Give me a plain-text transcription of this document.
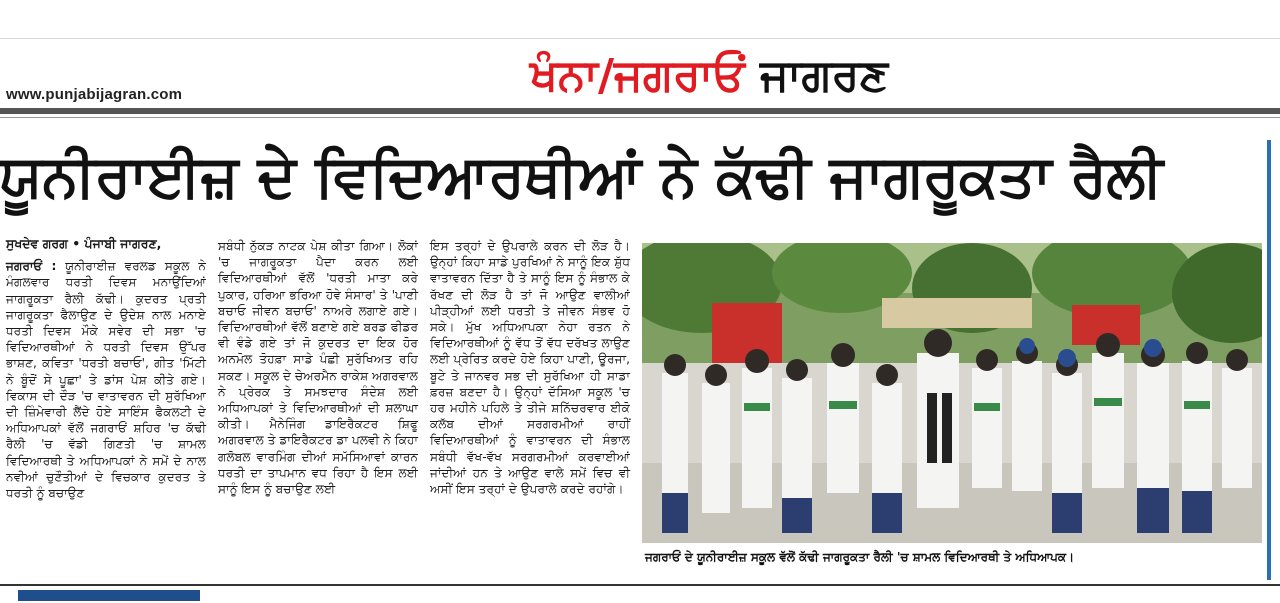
www.punjabijagran.com	ਖੰਨਾ/ਜਗਰਾਓਂ ਜਾਗਰਣ
ਯੂਨੀਰਾਈਜ਼ ਦੇ ਵਿਦਿਆਰਥੀਆਂ ਨੇ ਕੱਢੀ ਜਾਗਰੂਕਤਾ ਰੈਲੀ
ਸੁਖਦੇਵ ਗਰਗ • ਪੰਜਾਬੀ ਜਾਗਰਣ,
ਜਗਰਾਓਂ : ਯੂਨੀਰਾਈਜ਼ ਵਰਲਡ ਸਕੂਲ ਨੇ ਮੰਗਲਵਾਰ ਧਰਤੀ ਦਿਵਸ ਮਨਾਉਂਦਿਆਂ ਜਾਗਰੂਕਤਾ ਰੈਲੀ ਕੱਢੀ। ਕੁਦਰਤ ਪ੍ਰਤੀ ਜਾਗਰੂਕਤਾ ਫੈਲਾਉਣ ਦੇ ਉਦੇਸ਼ ਨਾਲ ਮਨਾਏ ਧਰਤੀ ਦਿਵਸ ਮੌਕੇ ਸਵੇਰ ਦੀ ਸਭਾ 'ਚ ਵਿਦਿਆਰਥੀਆਂ ਨੇ ਧਰਤੀ ਦਿਵਸ ਉੱਪਰ ਭਾਸ਼ਣ, ਕਵਿਤਾ 'ਧਰਤੀ ਬਚਾਓ', ਗੀਤ 'ਮਿੱਟੀ ਨੇ ਬੂੰਦੋਂ ਸੇ ਪੂਛਾ' ਤੇ ਡਾਂਸ ਪੇਸ਼ ਕੀਤੇ ਗਏ। ਵਿਕਾਸ ਦੀ ਦੌੜ 'ਚ ਵਾਤਾਵਰਨ ਦੀ ਸੁਰੱਖਿਆ ਦੀ ਜ਼ਿੰਮੇਵਾਰੀ ਲੈਂਦੇ ਹੋਏ ਸਾਇੰਸ ਫੈਕਲਟੀ ਦੇ ਅਧਿਆਪਕਾਂ ਵੱਲੋਂ ਜਗਰਾਓਂ ਸ਼ਹਿਰ 'ਚ ਕੱਢੀ ਰੈਲੀ 'ਚ ਵੱਡੀ ਗਿਣਤੀ 'ਚ ਸ਼ਾਮਲ ਵਿਦਿਆਰਥੀ ਤੇ ਅਧਿਆਪਕਾਂ ਨੇ ਸਮੇਂ ਦੇ ਨਾਲ ਨਵੀਆਂ ਚੁਣੌਤੀਆਂ ਦੇ ਵਿਚਕਾਰ ਕੁਦਰਤ ਤੇ ਧਰਤੀ ਨੂੰ ਬਚਾਉਣ
ਸਬੰਧੀ ਨੁੱਕੜ ਨਾਟਕ ਪੇਸ਼ ਕੀਤਾ ਗਿਆ। ਲੋਕਾਂ 'ਚ ਜਾਗਰੂਕਤਾ ਪੈਦਾ ਕਰਨ ਲਈ ਵਿਦਿਆਰਥੀਆਂ ਵੱਲੋਂ 'ਧਰਤੀ ਮਾਤਾ ਕਰੇ ਪੁਕਾਰ, ਹਰਿਆ ਭਰਿਆ ਹੋਵੇ ਸੰਸਾਰ' ਤੇ 'ਪਾਣੀ ਬਚਾਓ ਜੀਵਨ ਬਚਾਓ' ਨਾਅਰੇ ਲਗਾਏ ਗਏ। ਵਿਦਿਆਰਥੀਆਂ ਵੱਲੋਂ ਬਣਾਏ ਗਏ ਬਰਡ ਫੀਡਰ ਵੀ ਵੰਡੇ ਗਏ ਤਾਂ ਜੋ ਕੁਦਰਤ ਦਾ ਇਕ ਹੋਰ ਅਨਮੋਲ ਤੋਹਫ਼ਾ ਸਾਡੇ ਪੰਛੀ ਸੁਰੱਖਿਅਤ ਰਹਿ ਸਕਣ। ਸਕੂਲ ਦੇ ਚੇਅਰਮੈਨ ਰਾਕੇਸ਼ ਅਗਰਵਾਲ ਨੇ ਪ੍ਰੇਰਕ ਤੇ ਸਮਝਦਾਰ ਸੰਦੇਸ਼ ਲਈ ਅਧਿਆਪਕਾਂ ਤੇ ਵਿਦਿਆਰਥੀਆਂ ਦੀ ਸ਼ਲਾਘਾ ਕੀਤੀ। ਮੈਨੇਜਿੰਗ ਡਾਇਰੈਕਟਰ ਸ਼ਿਫੂ ਅਗਰਵਾਲ ਤੇ ਡਾਇਰੈਕਟਰ ਡਾ ਪਲਵੀ ਨੇ ਕਿਹਾ ਗਲੋਬਲ ਵਾਰਮਿੰਗ ਦੀਆਂ ਸਮੱਸਿਆਵਾਂ ਕਾਰਨ ਧਰਤੀ ਦਾ ਤਾਪਮਾਨ ਵਧ ਰਿਹਾ ਹੈ ਇਸ ਲਈ ਸਾਨੂੰ ਇਸ ਨੂੰ ਬਚਾਉਣ ਲਈ
ਇਸ ਤਰ੍ਹਾਂ ਦੇ ਉਪਰਾਲੇ ਕਰਨ ਦੀ ਲੋੜ ਹੈ। ਉਨ੍ਹਾਂ ਕਿਹਾ ਸਾਡੇ ਪੁਰਖਿਆਂ ਨੇ ਸਾਨੂੰ ਇਕ ਸ਼ੁੱਧ ਵਾਤਾਵਰਨ ਦਿੱਤਾ ਹੈ ਤੇ ਸਾਨੂੰ ਇਸ ਨੂੰ ਸੰਭਾਲ ਕੇ ਰੱਖਣ ਦੀ ਲੋੜ ਹੈ ਤਾਂ ਜੋ ਆਉਣ ਵਾਲੀਆਂ ਪੀੜ੍ਹੀਆਂ ਲਈ ਧਰਤੀ ਤੇ ਜੀਵਨ ਸੰਭਵ ਹੋ ਸਕੇ। ਮੁੱਖ ਅਧਿਆਪਕਾ ਨੇਹਾ ਰਤਨ ਨੇ ਵਿਦਿਆਰਥੀਆਂ ਨੂੰ ਵੱਧ ਤੋਂ ਵੱਧ ਦਰੱਖਤ ਲਾਉਣ ਲਈ ਪ੍ਰੇਰਿਤ ਕਰਦੇ ਹੋਏ ਕਿਹਾ ਪਾਣੀ, ਊਰਜਾ, ਬੂਟੇ ਤੇ ਜਾਨਵਰ ਸਭ ਦੀ ਸੁਰੱਖਿਆ ਹੀ ਸਾਡਾ ਫ਼ਰਜ਼ ਬਣਦਾ ਹੈ। ਉਨ੍ਹਾਂ ਦੱਸਿਆ ਸਕੂਲ 'ਚ ਹਰ ਮਹੀਨੇ ਪਹਿਲੇ ਤੇ ਤੀਜੇ ਸ਼ਨਿੱਚਰਵਾਰ ਈਕੋ ਕਲੱਬ ਦੀਆਂ ਸਰਗਰਮੀਆਂ ਰਾਹੀਂ ਵਿਦਿਆਰਥੀਆਂ ਨੂੰ ਵਾਤਾਵਰਨ ਦੀ ਸੰਭਾਲ ਸਬੰਧੀ ਵੱਖ-ਵੱਖ ਸਰਗਰਮੀਆਂ ਕਰਵਾਈਆਂ ਜਾਂਦੀਆਂ ਹਨ ਤੇ ਆਉਣ ਵਾਲੇ ਸਮੇਂ ਵਿਚ ਵੀ ਅਸੀਂ ਇਸ ਤਰ੍ਹਾਂ ਦੇ ਉਪਰਾਲੇ ਕਰਦੇ ਰਹਾਂਗੇ।
ਜਗਰਾਓਂ ਦੇ ਯੂਨੀਰਾਈਜ਼ ਸਕੂਲ ਵੱਲੋਂ ਕੱਢੀ ਜਾਗਰੂਕਤਾ ਰੈਲੀ 'ਚ ਸ਼ਾਮਲ ਵਿਦਿਆਰਥੀ ਤੇ ਅਧਿਆਪਕ।
